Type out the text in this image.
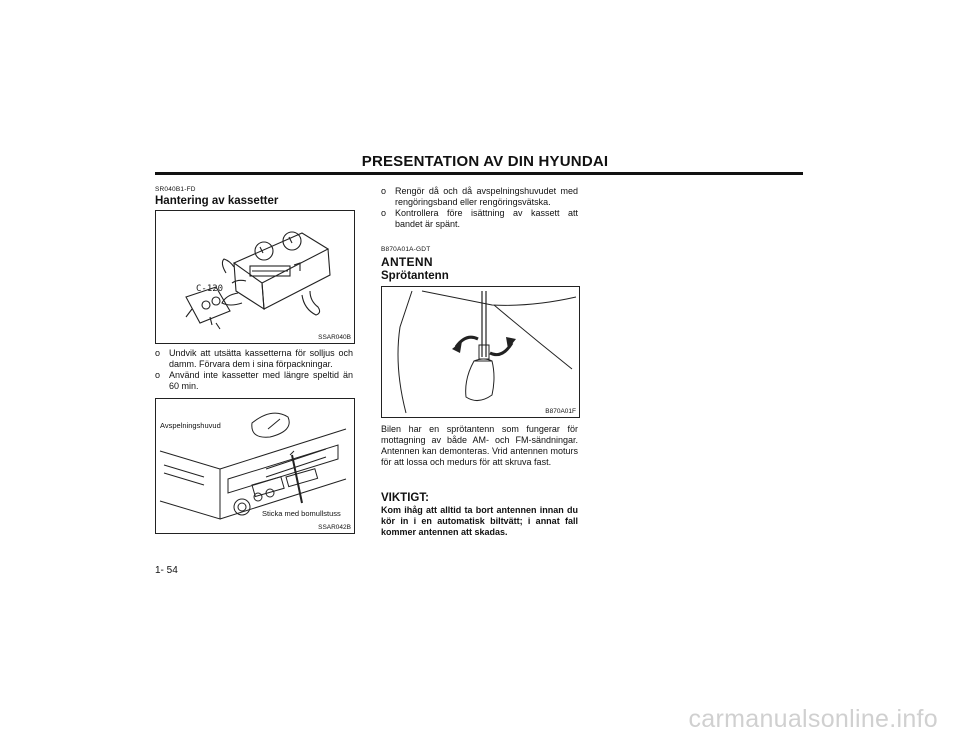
PRESENTATION AV DIN HYUNDAI
SR040B1-FD
Hantering av kassetter
C-120
SSAR040B

o Undvik att utsätta kassetterna för solljus och damm. Förvara dem i sina förpackningar.

o Använd inte kassetter med längre speltid än 60 min.

Avspelningshuvud
Sticka med bomullstuss
SSAR042B

o Rengör då och då avspelningshuvudet med rengöringsband eller rengöringsvätska.

o Kontrollera före isättning av kassett att bandet är spänt.

B870A01A-GDT
ANTENN
Sprötantenn
B870A01F
Bilen har en sprötantenn som fungerar för mottagning av både AM- och FM-sändningar. Antennen kan demonteras. Vrid antennen moturs för att lossa och medurs för att skruva fast.
VIKTIGT:
Kom ihåg att alltid ta bort antennen innan du kör in i en automatisk biltvätt; i annat fall kommer antennen att skadas.
1- 54
carmanualsonline.info
